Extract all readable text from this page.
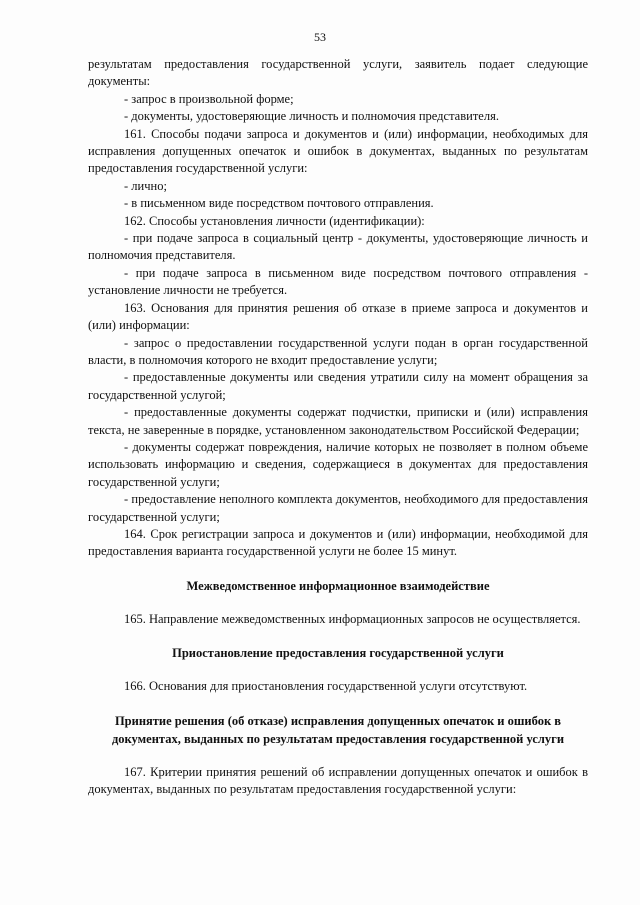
53

результатам предоставления государственной услуги, заявитель подает следующие документы:

- запрос в произвольной форме;

- документы, удостоверяющие личность и полномочия представителя.

161. Способы подачи запроса и документов и (или) информации, необходимых для исправления допущенных опечаток и ошибок в документах, выданных по результатам предоставления государственной услуги:

- лично;

- в письменном виде посредством почтового отправления.

162. Способы установления личности (идентификации):

- при подаче запроса в социальный центр - документы, удостоверяющие личность и полномочия представителя.

- при подаче запроса в письменном виде посредством почтового отправления - установление личности не требуется.

163. Основания для принятия решения об отказе в приеме запроса и документов и (или) информации:

- запрос о предоставлении государственной услуги подан в орган государственной власти, в полномочия которого не входит предоставление услуги;

- предоставленные документы или сведения утратили силу на момент обращения за государственной услугой;

- предоставленные документы содержат подчистки, приписки и (или) исправления текста, не заверенные в порядке, установленном законодательством Российской Федерации;

- документы содержат повреждения, наличие которых не позволяет в полном объеме использовать информацию и сведения, содержащиеся в документах для предоставления государственной услуги;

- предоставление неполного комплекта документов, необходимого для предоставления государственной услуги;

164. Срок регистрации запроса и документов и (или) информации, необходимой для предоставления варианта государственной услуги не более 15 минут.

Межведомственное информационное взаимодействие

165. Направление межведомственных информационных запросов не осуществляется.

Приостановление предоставления государственной услуги

166. Основания для приостановления государственной услуги отсутствуют.

Принятие решения (об отказе) исправления допущенных опечаток и ошибок в документах, выданных по результатам предоставления государственной услуги

167. Критерии принятия решений об исправлении допущенных опечаток и ошибок в документах, выданных по результатам предоставления государственной услуги:
